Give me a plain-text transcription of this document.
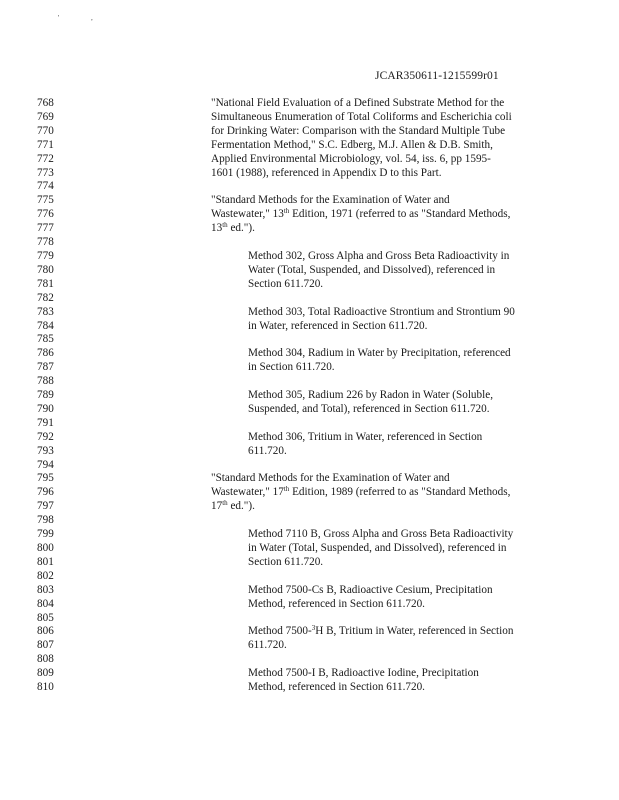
'	,
JCAR350611-1215599r01
768	"National Field Evaluation of a Defined Substrate Method for the
769	Simultaneous Enumeration of Total Coliforms and Escherichia coli
770	for Drinking Water: Comparison with the Standard Multiple Tube
771	Fermentation Method," S.C. Edberg, M.J. Allen & D.B. Smith,
772	Applied Environmental Microbiology, vol. 54, iss. 6, pp 1595-
773	1601 (1988), referenced in Appendix D to this Part.
774
775	"Standard Methods for the Examination of Water and
776	Wastewater," 13th Edition, 1971 (referred to as "Standard Methods,
777	13th ed.").
778
779	Method 302, Gross Alpha and Gross Beta Radioactivity in
780	Water (Total, Suspended, and Dissolved), referenced in
781	Section 611.720.
782
783	Method 303, Total Radioactive Strontium and Strontium 90
784	in Water, referenced in Section 611.720.
785
786	Method 304, Radium in Water by Precipitation, referenced
787	in Section 611.720.
788
789	Method 305, Radium 226 by Radon in Water (Soluble,
790	Suspended, and Total), referenced in Section 611.720.
791
792	Method 306, Tritium in Water, referenced in Section
793	611.720.
794
795	"Standard Methods for the Examination of Water and
796	Wastewater," 17th Edition, 1989 (referred to as "Standard Methods,
797	17th ed.").
798
799	Method 7110 B, Gross Alpha and Gross Beta Radioactivity
800	in Water (Total, Suspended, and Dissolved), referenced in
801	Section 611.720.
802
803	Method 7500-Cs B, Radioactive Cesium, Precipitation
804	Method, referenced in Section 611.720.
805
806	Method 7500-$^3$H B, Tritium in Water, referenced in Section
807	611.720.
808
809	Method 7500-I B, Radioactive Iodine, Precipitation
810	Method, referenced in Section 611.720.
